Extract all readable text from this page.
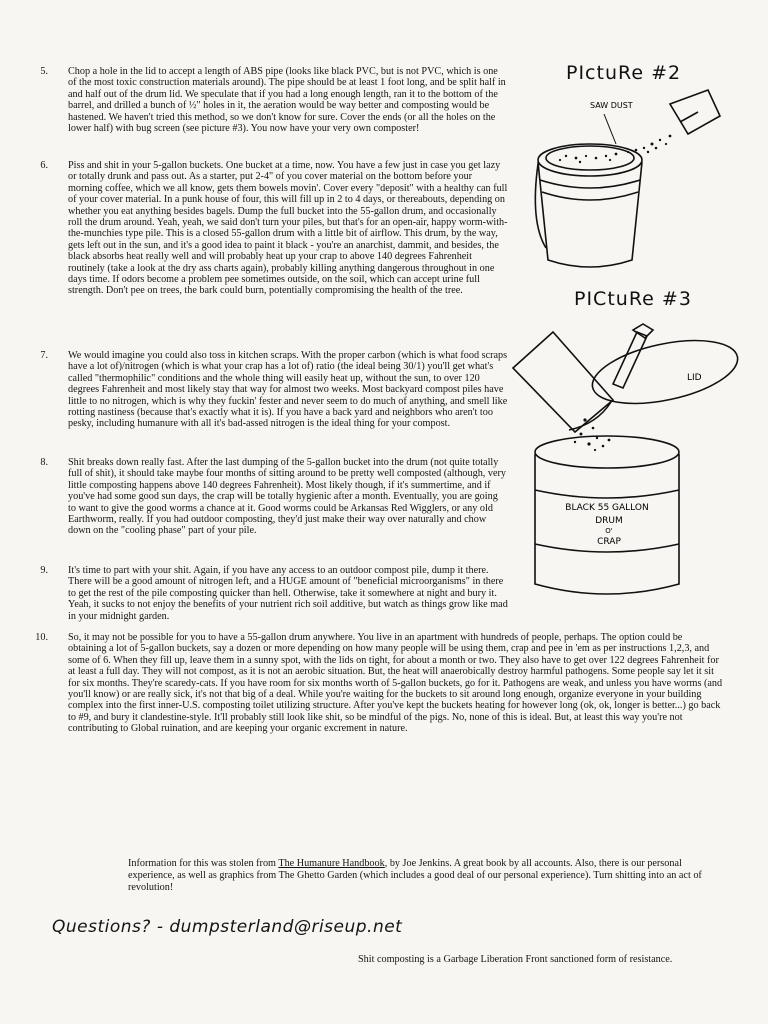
5. Chop a hole in the lid to accept a length of ABS pipe (looks like black PVC, but is not PVC, which is one of the most toxic construction materials around). The pipe should be at least 1 foot long, and be split half in and half out of the drum lid. We speculate that if you had a long enough length, ran it to the bottom of the barrel, and drilled a bunch of ½" holes in it, the aeration would be way better and composting would be hastened. We haven't tried this method, so we don't know for sure. Cover the ends (or all the holes on the lower half) with bug screen (see picture #3). You now have your very own composter!
6. Piss and shit in your 5-gallon buckets. One bucket at a time, now. You have a few just in case you get lazy or totally drunk and pass out. As a starter, put 2-4" of you cover material on the bottom before your morning coffee, which we all know, gets them bowels movin'. Cover every "deposit" with a healthy can full of your cover material. In a punk house of four, this will fill up in 2 to 4 days, or thereabouts, depending on whether you eat anything besides bagels. Dump the full bucket into the 55-gallon drum, and occasionally roll the drum around. Yeah, yeah, we said don't turn your piles, but that's for an open-air, happy worm-with-the-munchies type pile. This is a closed 55-gallon drum with a little bit of airflow. This drum, by the way, gets left out in the sun, and it's a good idea to paint it black - you're an anarchist, dammit, and besides, the black absorbs heat really well and will probably heat up your crap to above 140 degrees Fahrenheit routinely (take a look at the dry ass charts again), probably killing anything dangerous throughout in one days time. If odors become a problem pee sometimes outside, on the soil, which can accept urine full strength. Don't pee on trees, the bark could burn, potentially compromising the health of the tree.
7. We would imagine you could also toss in kitchen scraps. With the proper carbon (which is what food scraps have a lot of)/nitrogen (which is what your crap has a lot of) ratio (the ideal being 30/1) you'll get what's called "thermophilic" conditions and the whole thing will easily heat up, without the sun, to over 120 degrees Fahrenheit and most likely stay that way for almost two weeks. Most backyard compost piles have little to no nitrogen, which is why they fuckin' fester and never seem to do much of anything, and smell like rotting nastiness (because that's exactly what it is). If you have a back yard and neighbors who aren't too pesky, including humanure with all it's bad-assed nitrogen is the ideal thing for your compost.
8. Shit breaks down really fast. After the last dumping of the 5-gallon bucket into the drum (not quite totally full of shit), it should take maybe four months of sitting around to be pretty well composted (although, very little composting happens above 140 degrees Fahrenheit). Most likely though, if it's summertime, and if you've had some good sun days, the crap will be totally hygienic after a month. Eventually, you are going to want to give the good worms a chance at it. Good worms could be Arkansas Red Wigglers, or any old Earthworm, really. If you had outdoor composting, they'd just make their way over naturally and chow down on the "cooling phase" part of your pile.
9. It's time to part with your shit. Again, if you have any access to an outdoor compost pile, dump it there. There will be a good amount of nitrogen left, and a HUGE amount of "beneficial microorganisms" in there to get the rest of the pile composting quicker than hell. Otherwise, take it somewhere at night and bury it. Yeah, it sucks to not enjoy the benefits of your nutrient rich soil additive, but watch as things grow like mad in your midnight garden.
10. So, it may not be possible for you to have a 55-gallon drum anywhere. You live in an apartment with hundreds of people, perhaps. The option could be obtaining a lot of 5-gallon buckets, say a dozen or more depending on how many people will be using them, crap and pee in 'em as per instructions 1,2,3, and some of 6. When they fill up, leave them in a sunny spot, with the lids on tight, for about a month or two. They also have to get over 122 degrees Fahrenheit for at least a full day. They will not compost, as it is not an aerobic situation. But, the heat will anaerobically destroy harmful pathogens. Some people say let it sit for six months. They're scaredy-cats. If you have room for six months worth of 5-gallon buckets, go for it. Pathogens are weak, and unless you have worms (and you'll know) or are really sick, it's not that big of a deal. While you're waiting for the buckets to sit around long enough, organize everyone in your building complex into the first inner-U.S. composting toilet utilizing structure. After you've kept the buckets heating for however long (ok, ok, longer is better...) go back to #9, and bury it clandestine-style. It'll probably still look like shit, so be mindful of the pigs. No, none of this is ideal. But, at least this way you're not contributing to Global ruination, and are keeping your organic excrement in nature.
PIctuRe #2
SAW DUST
PICtuRe #3
LID
BLACK 55 GALLON
DRUM
O'
CRAP
Information for this was stolen from The Humanure Handbook, by Joe Jenkins. A great book by all accounts. Also, there is our personal experience, as well as graphics from The Ghetto Garden (which includes a good deal of our personal experience). Turn shitting into an act of revolution!
Questions? - dumpsterland@riseup.net
Shit composting is a Garbage Liberation Front sanctioned form of resistance.
